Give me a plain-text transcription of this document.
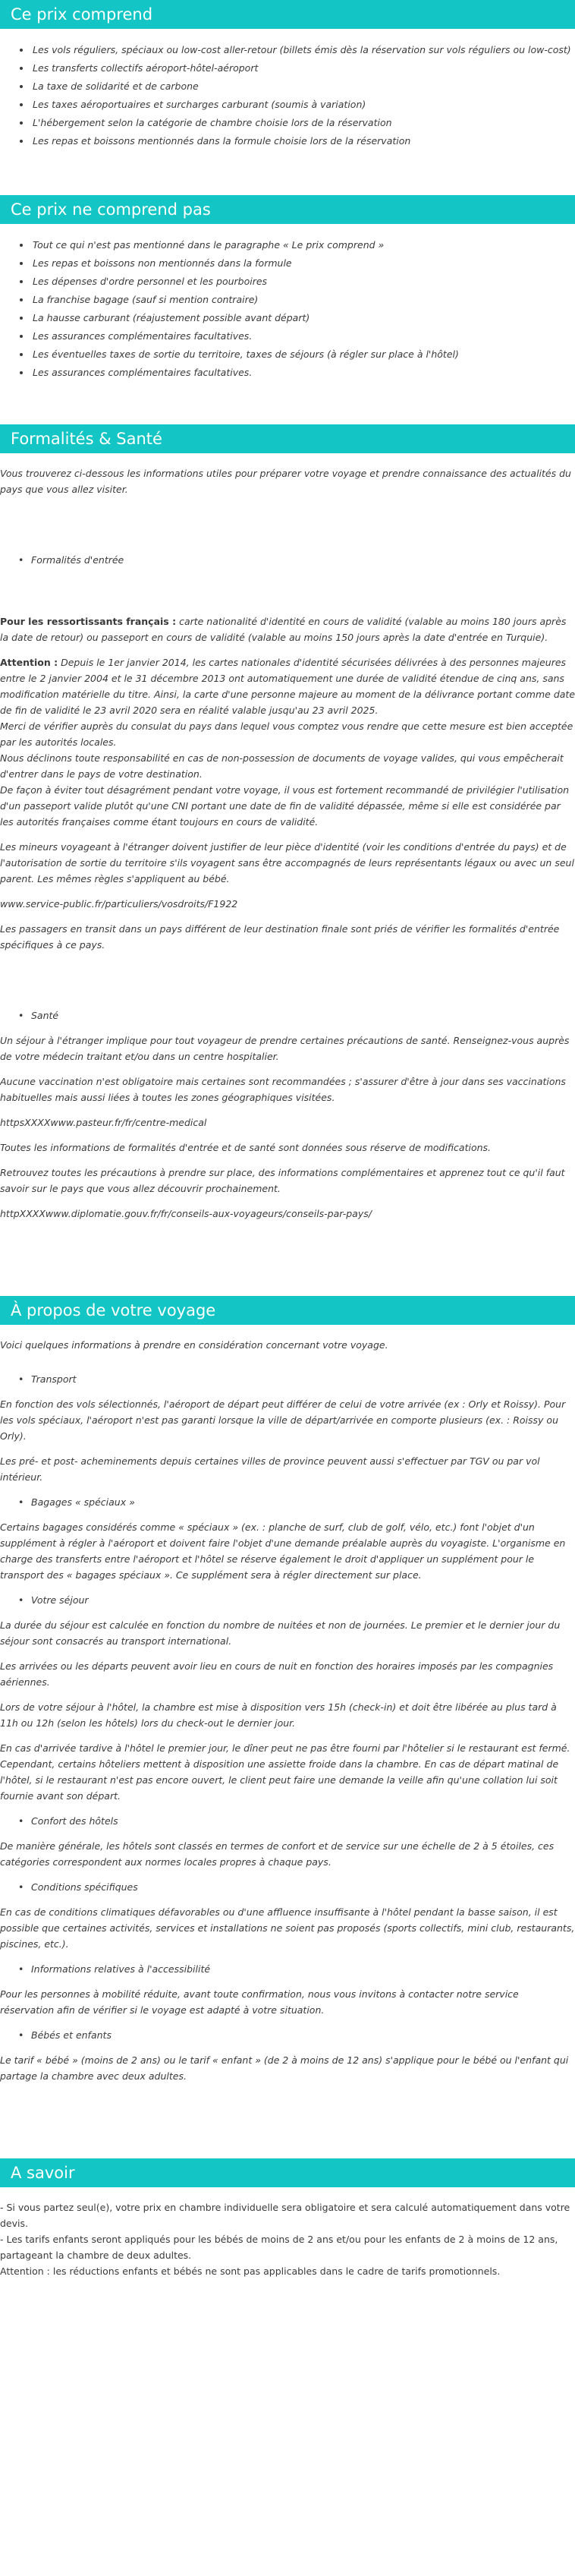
Ce prix comprend
• Les vols réguliers, spéciaux ou low-cost aller-retour (billets émis dès la réservation sur vols réguliers ou low-cost)
• Les transferts collectifs aéroport-hôtel-aéroport
• La taxe de solidarité et de carbone
• Les taxes aéroportuaires et surcharges carburant (soumis à variation)
• L'hébergement selon la catégorie de chambre choisie lors de la réservation
• Les repas et boissons mentionnés dans la formule choisie lors de la réservation
Ce prix ne comprend pas
• Tout ce qui n'est pas mentionné dans le paragraphe « Le prix comprend »
• Les repas et boissons non mentionnés dans la formule
• Les dépenses d'ordre personnel et les pourboires
• La franchise bagage (sauf si mention contraire)
• La hausse carburant (réajustement possible avant départ)
• Les assurances complémentaires facultatives.
• Les éventuelles taxes de sortie du territoire, taxes de séjours (à régler sur place à l'hôtel)
• Les assurances complémentaires facultatives.
Formalités & Santé

Vous trouverez ci-dessous les informations utiles pour préparer votre voyage et prendre connaissance des actualités du pays que vous allez visiter.

• Formalités d'entrée

Pour les ressortissants français : carte nationalité d'identité en cours de validité (valable au moins 180 jours après la date de retour) ou passeport en cours de validité (valable au moins 150 jours après la date d'entrée en Turquie).

Attention : Depuis le 1er janvier 2014, les cartes nationales d'identité sécurisées délivrées à des personnes majeures entre le 2 janvier 2004 et le 31 décembre 2013 ont automatiquement une durée de validité étendue de cinq ans, sans modification matérielle du titre. Ainsi, la carte d'une personne majeure au moment de la délivrance portant comme date de fin de validité le 23 avril 2020 sera en réalité valable jusqu'au 23 avril 2025.

Merci de vérifier auprès du consulat du pays dans lequel vous comptez vous rendre que cette mesure est bien acceptée par les autorités locales.

Nous déclinons toute responsabilité en cas de non-possession de documents de voyage valides, qui vous empêcherait d'entrer dans le pays de votre destination.

De façon à éviter tout désagrément pendant votre voyage, il vous est fortement recommandé de privilégier l'utilisation d'un passeport valide plutôt qu'une CNI portant une date de fin de validité dépassée, même si elle est considérée par les autorités françaises comme étant toujours en cours de validité.

Les mineurs voyageant à l'étranger doivent justifier de leur pièce d'identité (voir les conditions d'entrée du pays) et de l'autorisation de sortie du territoire s'ils voyagent sans être accompagnés de leurs représentants légaux ou avec un seul parent. Les mêmes règles s'appliquent au bébé.

www.service-public.fr/particuliers/vosdroits/F1922

Les passagers en transit dans un pays différent de leur destination finale sont priés de vérifier les formalités d'entrée spécifiques à ce pays.

• Santé

Un séjour à l'étranger implique pour tout voyageur de prendre certaines précautions de santé. Renseignez-vous auprès de votre médecin traitant et/ou dans un centre hospitalier.

Aucune vaccination n'est obligatoire mais certaines sont recommandées ; s'assurer d'être à jour dans ses vaccinations habituelles mais aussi liées à toutes les zones géographiques visitées.

httpsXXXXwww.pasteur.fr/fr/centre-medical

Toutes les informations de formalités d'entrée et de santé sont données sous réserve de modifications.

Retrouvez toutes les précautions à prendre sur place, des informations complémentaires et apprenez tout ce qu'il faut savoir sur le pays que vous allez découvrir prochainement.

httpXXXXwww.diplomatie.gouv.fr/fr/conseils-aux-voyageurs/conseils-par-pays/

À propos de votre voyage

Voici quelques informations à prendre en considération concernant votre voyage.

• Transport

En fonction des vols sélectionnés, l'aéroport de départ peut différer de celui de votre arrivée (ex : Orly et Roissy). Pour les vols spéciaux, l'aéroport n'est pas garanti lorsque la ville de départ/arrivée en comporte plusieurs (ex. : Roissy ou Orly).

Les pré- et post- acheminements depuis certaines villes de province peuvent aussi s'effectuer par TGV ou par vol intérieur.

• Bagages « spéciaux »

Certains bagages considérés comme « spéciaux » (ex. : planche de surf, club de golf, vélo, etc.) font l'objet d'un supplément à régler à l'aéroport et doivent faire l'objet d'une demande préalable auprès du voyagiste. L'organisme en charge des transferts entre l'aéroport et l'hôtel se réserve également le droit d'appliquer un supplément pour le transport des « bagages spéciaux ». Ce supplément sera à régler directement sur place.

• Votre séjour

La durée du séjour est calculée en fonction du nombre de nuitées et non de journées. Le premier et le dernier jour du séjour sont consacrés au transport international.

Les arrivées ou les départs peuvent avoir lieu en cours de nuit en fonction des horaires imposés par les compagnies aériennes.

Lors de votre séjour à l'hôtel, la chambre est mise à disposition vers 15h (check-in) et doit être libérée au plus tard à 11h ou 12h (selon les hôtels) lors du check-out le dernier jour.

En cas d'arrivée tardive à l'hôtel le premier jour, le dîner peut ne pas être fourni par l'hôtelier si le restaurant est fermé. Cependant, certains hôteliers mettent à disposition une assiette froide dans la chambre. En cas de départ matinal de l'hôtel, si le restaurant n'est pas encore ouvert, le client peut faire une demande la veille afin qu'une collation lui soit fournie avant son départ.

• Confort des hôtels

De manière générale, les hôtels sont classés en termes de confort et de service sur une échelle de 2 à 5 étoiles, ces catégories correspondent aux normes locales propres à chaque pays.

• Conditions spécifiques

En cas de conditions climatiques défavorables ou d'une affluence insuffisante à l'hôtel pendant la basse saison, il est possible que certaines activités, services et installations ne soient pas proposés (sports collectifs, mini club, restaurants, piscines, etc.).

• Informations relatives à l'accessibilité

Pour les personnes à mobilité réduite, avant toute confirmation, nous vous invitons à contacter notre service réservation afin de vérifier si le voyage est adapté à votre situation.

• Bébés et enfants

Le tarif « bébé » (moins de 2 ans) ou le tarif « enfant » (de 2 à moins de 12 ans) s'applique pour le bébé ou l'enfant qui partage la chambre avec deux adultes.

A savoir

- Si vous partez seul(e), votre prix en chambre individuelle sera obligatoire et sera calculé automatiquement dans votre devis.

- Les tarifs enfants seront appliqués pour les bébés de moins de 2 ans et/ou pour les enfants de 2 à moins de 12 ans, partageant la chambre de deux adultes.

Attention : les réductions enfants et bébés ne sont pas applicables dans le cadre de tarifs promotionnels.
